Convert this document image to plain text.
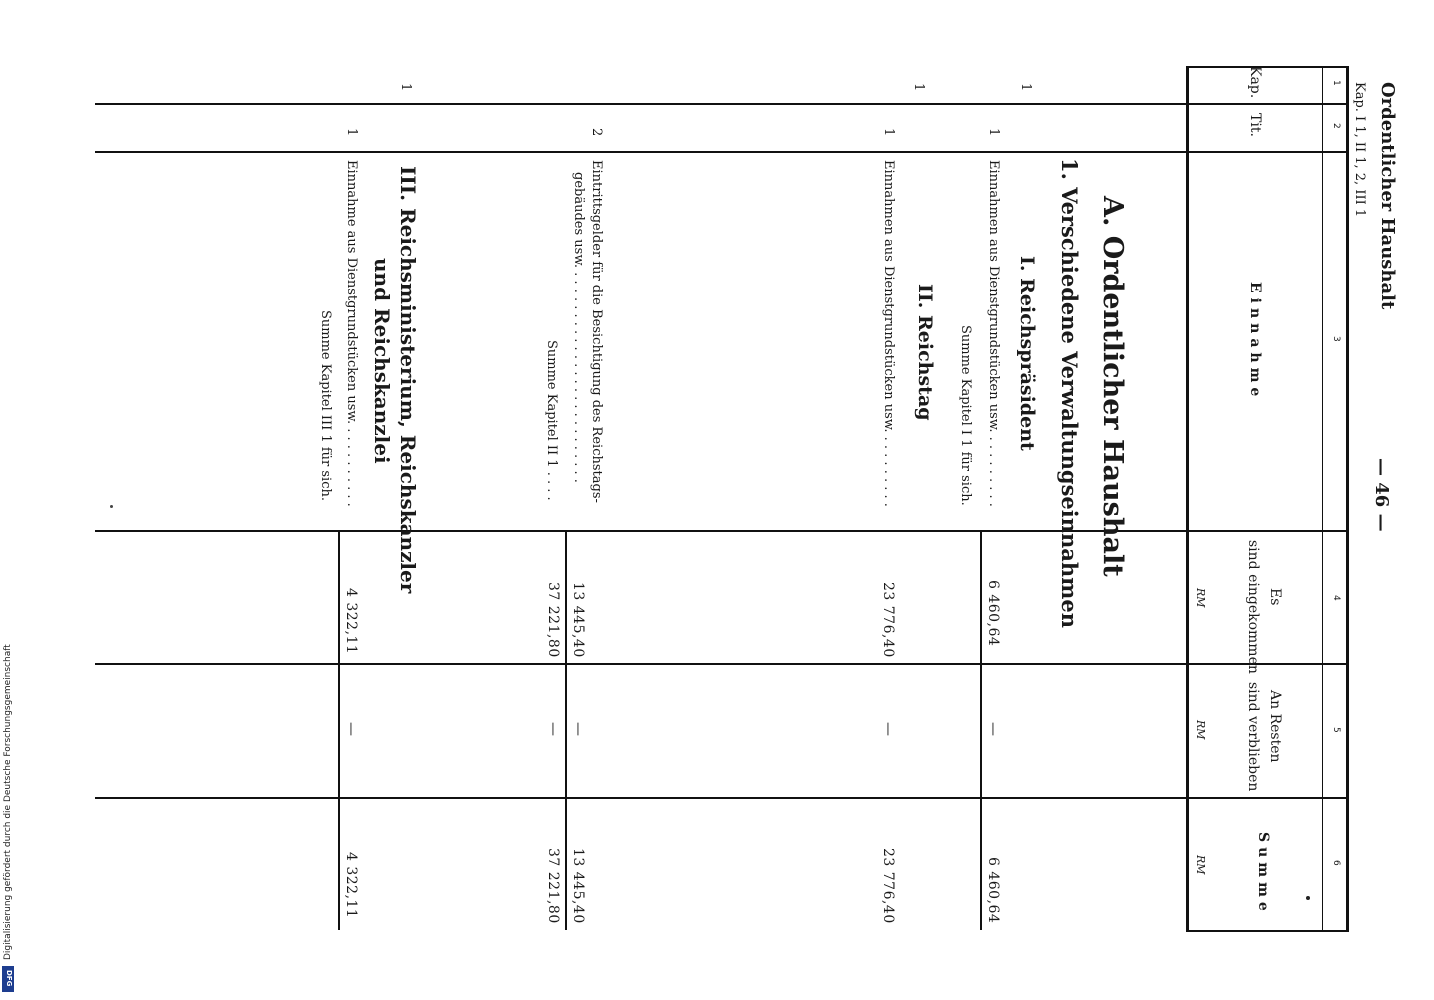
Ordentlicher Haushalt
Kap. I 1, II 1, 2, III 1
— 46 —
1
2
3
4
5
6
Kap.
Tit.
Einnahme
Es
sind eingekommen
RM
An Resten
sind verblieben
RM
Summe
RM
A. Ordentlicher Haushalt
1. Verschiedene Verwaltungseinnahmen
I. Reichspräsident
II. Reichstag
III. Reichsministerium, Reichskanzler
und Reichskanzlei
1
1
Einnahmen aus Dienstgrundstücken usw. . . . . . . . . .
6 460,64
—
6 460,64
Summe Kapitel I 1 für sich.
1
1
Einnahmen aus Dienstgrundstücken usw. . . . . . . . . .
23 776,40
—
23 776,40
2
Eintrittsgelder für die Besichtigung des Reichstags-
gebäudes usw. . . . . . . . . . . . . . . . . . . . . . . . . . .
13 445,40
—
13 445,40
Summe Kapitel II 1 . . . .
37 221,80
—
37 221,80
1
1
Einnahme aus Dienstgrundstücken usw. . . . . . . . . . .
4 322,11
—
4 322,11
Summe Kapitel III 1 für sich.
Digitalisierung gefördert durch die Deutsche Forschungsgemeinschaft
DFG
